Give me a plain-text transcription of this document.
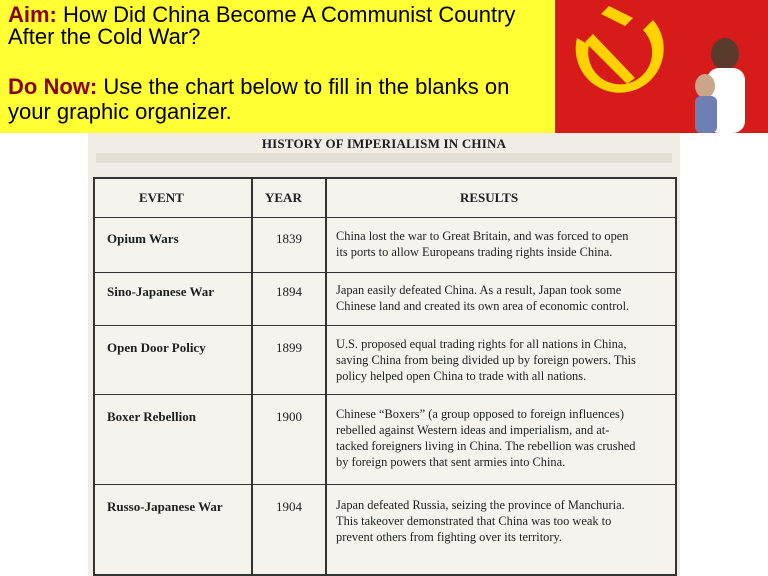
Aim: How Did China Become A Communist Country After the Cold War?
Do Now: Use the chart below to fill in the blanks on your graphic organizer.
HISTORY OF IMPERIALISM IN CHINA
EVENT	YEAR	RESULTS
Opium Wars	1839	China lost the war to Great Britain, and was forced to open
its ports to allow Europeans trading rights inside China.
Sino-Japanese War	1894	Japan easily defeated China. As a result, Japan took some
Chinese land and created its own area of economic control.
Open Door Policy	1899	U.S. proposed equal trading rights for all nations in China,
saving China from being divided up by foreign powers. This
policy helped open China to trade with all nations.
Boxer Rebellion	1900	Chinese “Boxers” (a group opposed to foreign influences)
rebelled against Western ideas and imperialism, and at-
tacked foreigners living in China. The rebellion was crushed
by foreign powers that sent armies into China.
Russo-Japanese War	1904	Japan defeated Russia, seizing the province of Manchuria.
This takeover demonstrated that China was too weak to
prevent others from fighting over its territory.
